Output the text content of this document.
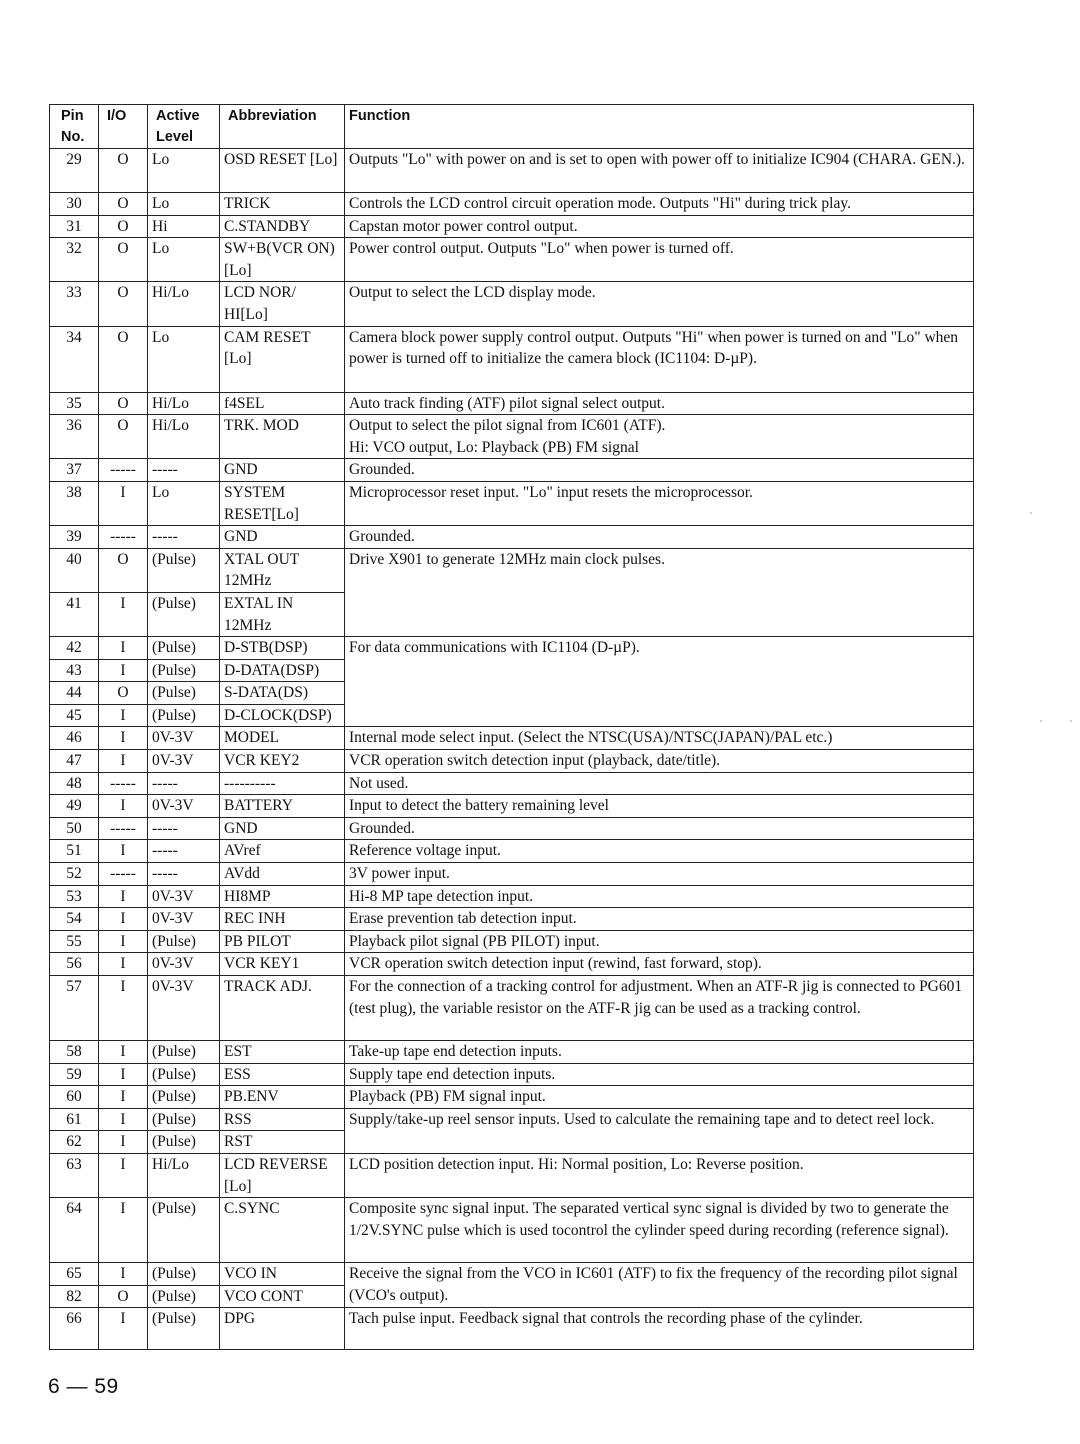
Pin No.	I/O	Active Level	Abbreviation	Function
29	O	Lo	OSD RESET [Lo]	Outputs "Lo" with power on and is set to open with power off to initialize IC904 (CHARA. GEN.).

30	O	Lo	TRICK	Controls the LCD control circuit operation mode. Outputs "Hi" during trick play.

31	O	Hi	C.STANDBY	Capstan motor power control output.

32	O	Lo	SW+B(VCR ON) [Lo]	Power control output. Outputs "Lo" when power is turned off.

33	O	Hi/Lo	LCD NOR/ HI[Lo]	Output to select the LCD display mode.

34	O	Lo	CAM RESET [Lo]	Camera block power supply control output. Outputs "Hi" when power is turned on and "Lo" when power is turned off to initialize the camera block (IC1104: D-µP).

35	O	Hi/Lo	f4SEL	Auto track finding (ATF) pilot signal select output.

36	O	Hi/Lo	TRK. MOD	Output to select the pilot signal from IC601 (ATF).
Hi: VCO output, Lo: Playback (PB) FM signal

37	-----	-----	GND	Grounded.

38	I	Lo	SYSTEM RESET[Lo]	Microprocessor reset input. "Lo" input resets the microprocessor.

39	-----	-----	GND	Grounded.

40	O	(Pulse)	XTAL OUT 12MHz	Drive X901 to generate 12MHz main clock pulses.

41	I	(Pulse)	EXTAL IN 12MHz	
42	I	(Pulse)	D-STB(DSP)	For data communications with IC1104 (D-µP).

43	I	(Pulse)	D-DATA(DSP)	
44	O	(Pulse)	S-DATA(DS)	
45	I	(Pulse)	D-CLOCK(DSP)	
46	I	0V-3V	MODEL	Internal mode select input. (Select the NTSC(USA)/NTSC(JAPAN)/PAL etc.)

47	I	0V-3V	VCR KEY2	VCR operation switch detection input (playback, date/title).

48	-----	-----	----------	Not used.

49	I	0V-3V	BATTERY	Input to detect the battery remaining level

50	-----	-----	GND	Grounded.

51	I	-----	AVref	Reference voltage input.

52	-----	-----	AVdd	3V power input.

53	I	0V-3V	HI8MP	Hi-8 MP tape detection input.

54	I	0V-3V	REC INH	Erase prevention tab detection input.

55	I	(Pulse)	PB PILOT	Playback pilot signal (PB PILOT) input.

56	I	0V-3V	VCR KEY1	VCR operation switch detection input (rewind, fast forward, stop).

57	I	0V-3V	TRACK ADJ.	For the connection of a tracking control for adjustment. When an ATF-R jig is connected to PG601 (test plug), the variable resistor on the ATF-R jig can be used as a tracking control.

58	I	(Pulse)	EST	Take-up tape end detection inputs.

59	I	(Pulse)	ESS	Supply tape end detection inputs.

60	I	(Pulse)	PB.ENV	Playback (PB) FM signal input.

61	I	(Pulse)	RSS	Supply/take-up reel sensor inputs. Used to calculate the remaining tape and to detect reel lock.

62	I	(Pulse)	RST	
63	I	Hi/Lo	LCD REVERSE [Lo]	LCD position detection input. Hi: Normal position, Lo: Reverse position.

64	I	(Pulse)	C.SYNC	Composite sync signal input. The separated vertical sync signal is divided by two to generate the 1/2V.SYNC pulse which is used tocontrol the cylinder speed during recording (reference signal).

65	I	(Pulse)	VCO IN	Receive the signal from the VCO in IC601 (ATF) to fix the frequency of the recording pilot signal (VCO's output).

82	O	(Pulse)	VCO CONT	
66	I	(Pulse)	DPG	Tach pulse input. Feedback signal that controls the recording phase of the cylinder.
6 — 59
